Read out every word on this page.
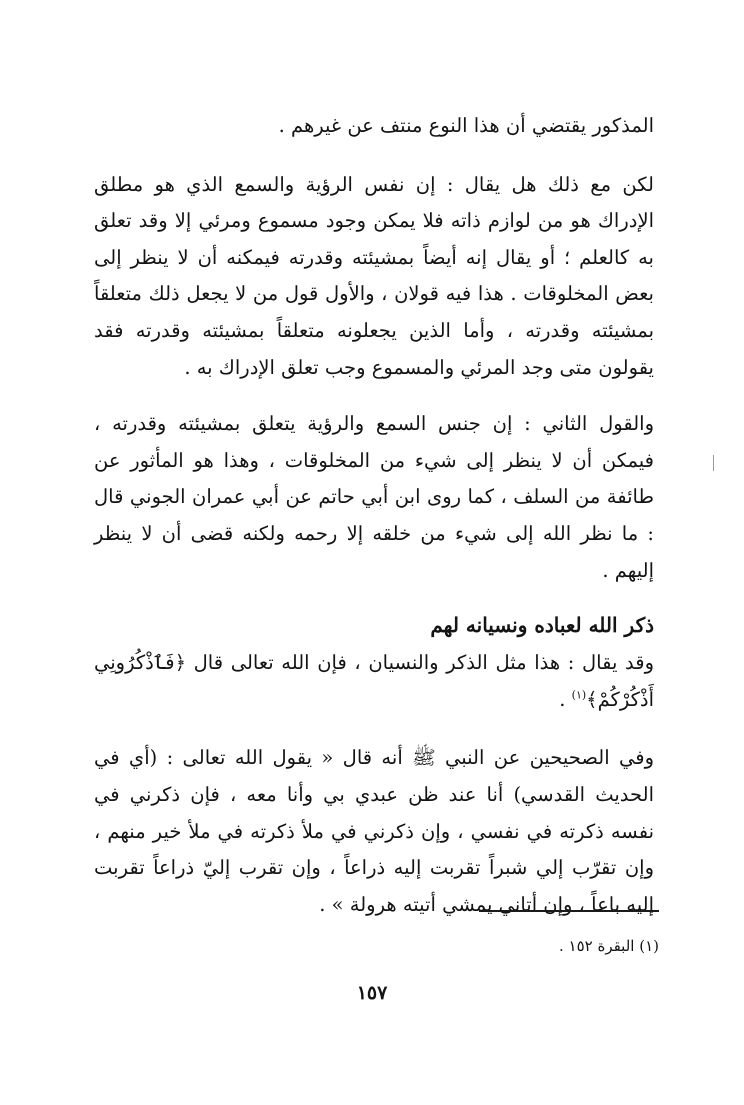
المذكور يقتضي أن هذا النوع منتف عن غيرهم .

لكن مع ذلك هل يقال : إن نفس الرؤية والسمع الذي هو مطلق الإدراك هو من لوازم ذاته فلا يمكن وجود مسموع ومرئي إلا وقد تعلق به كالعلم ؛ أو يقال إنه أيضاً بمشيئته وقدرته فيمكنه أن لا ينظر إلى بعض المخلوقات . هذا فيه قولان ، والأول قول من لا يجعل ذلك متعلقاً بمشيئته وقدرته ، وأما الذين يجعلونه متعلقاً بمشيئته وقدرته فقد يقولون متى وجد المرئي والمسموع وجب تعلق الإدراك به .

والقول الثاني : إن جنس السمع والرؤية يتعلق بمشيئته وقدرته ، فيمكن أن لا ينظر إلى شيء من المخلوقات ، وهذا هو المأثور عن طائفة من السلف ، كما روى ابن أبي حاتم عن أبي عمران الجوني قال : ما نظر الله إلى شيء من خلقه إلا رحمه ولكنه قضى أن لا ينظر إليهم .

ذكر الله لعباده ونسيانه لهم

وقد يقال : هذا مثل الذكر والنسيان ، فإن الله تعالى قال ﴿فَٱذْكُرُونِي أَذْكُرْكُمْ﴾$^{(١)}$ .

وفي الصحيحين عن النبي ﷺ أنه قال « يقول الله تعالى : (أي في الحديث القدسي) أنا عند ظن عبدي بي وأنا معه ، فإن ذكرني في نفسه ذكرته في نفسي ، وإن ذكرني في ملأ ذكرته في ملأ خير منهم ، وإن تقرّب إلي شبراً تقربت إليه ذراعاً ، وإن تقرب إليّ ذراعاً تقربت إليه باعاً ، وإن أتاني يمشي أتيته هرولة » .

(١) البقرة ١٥٢ .
١٥٧
